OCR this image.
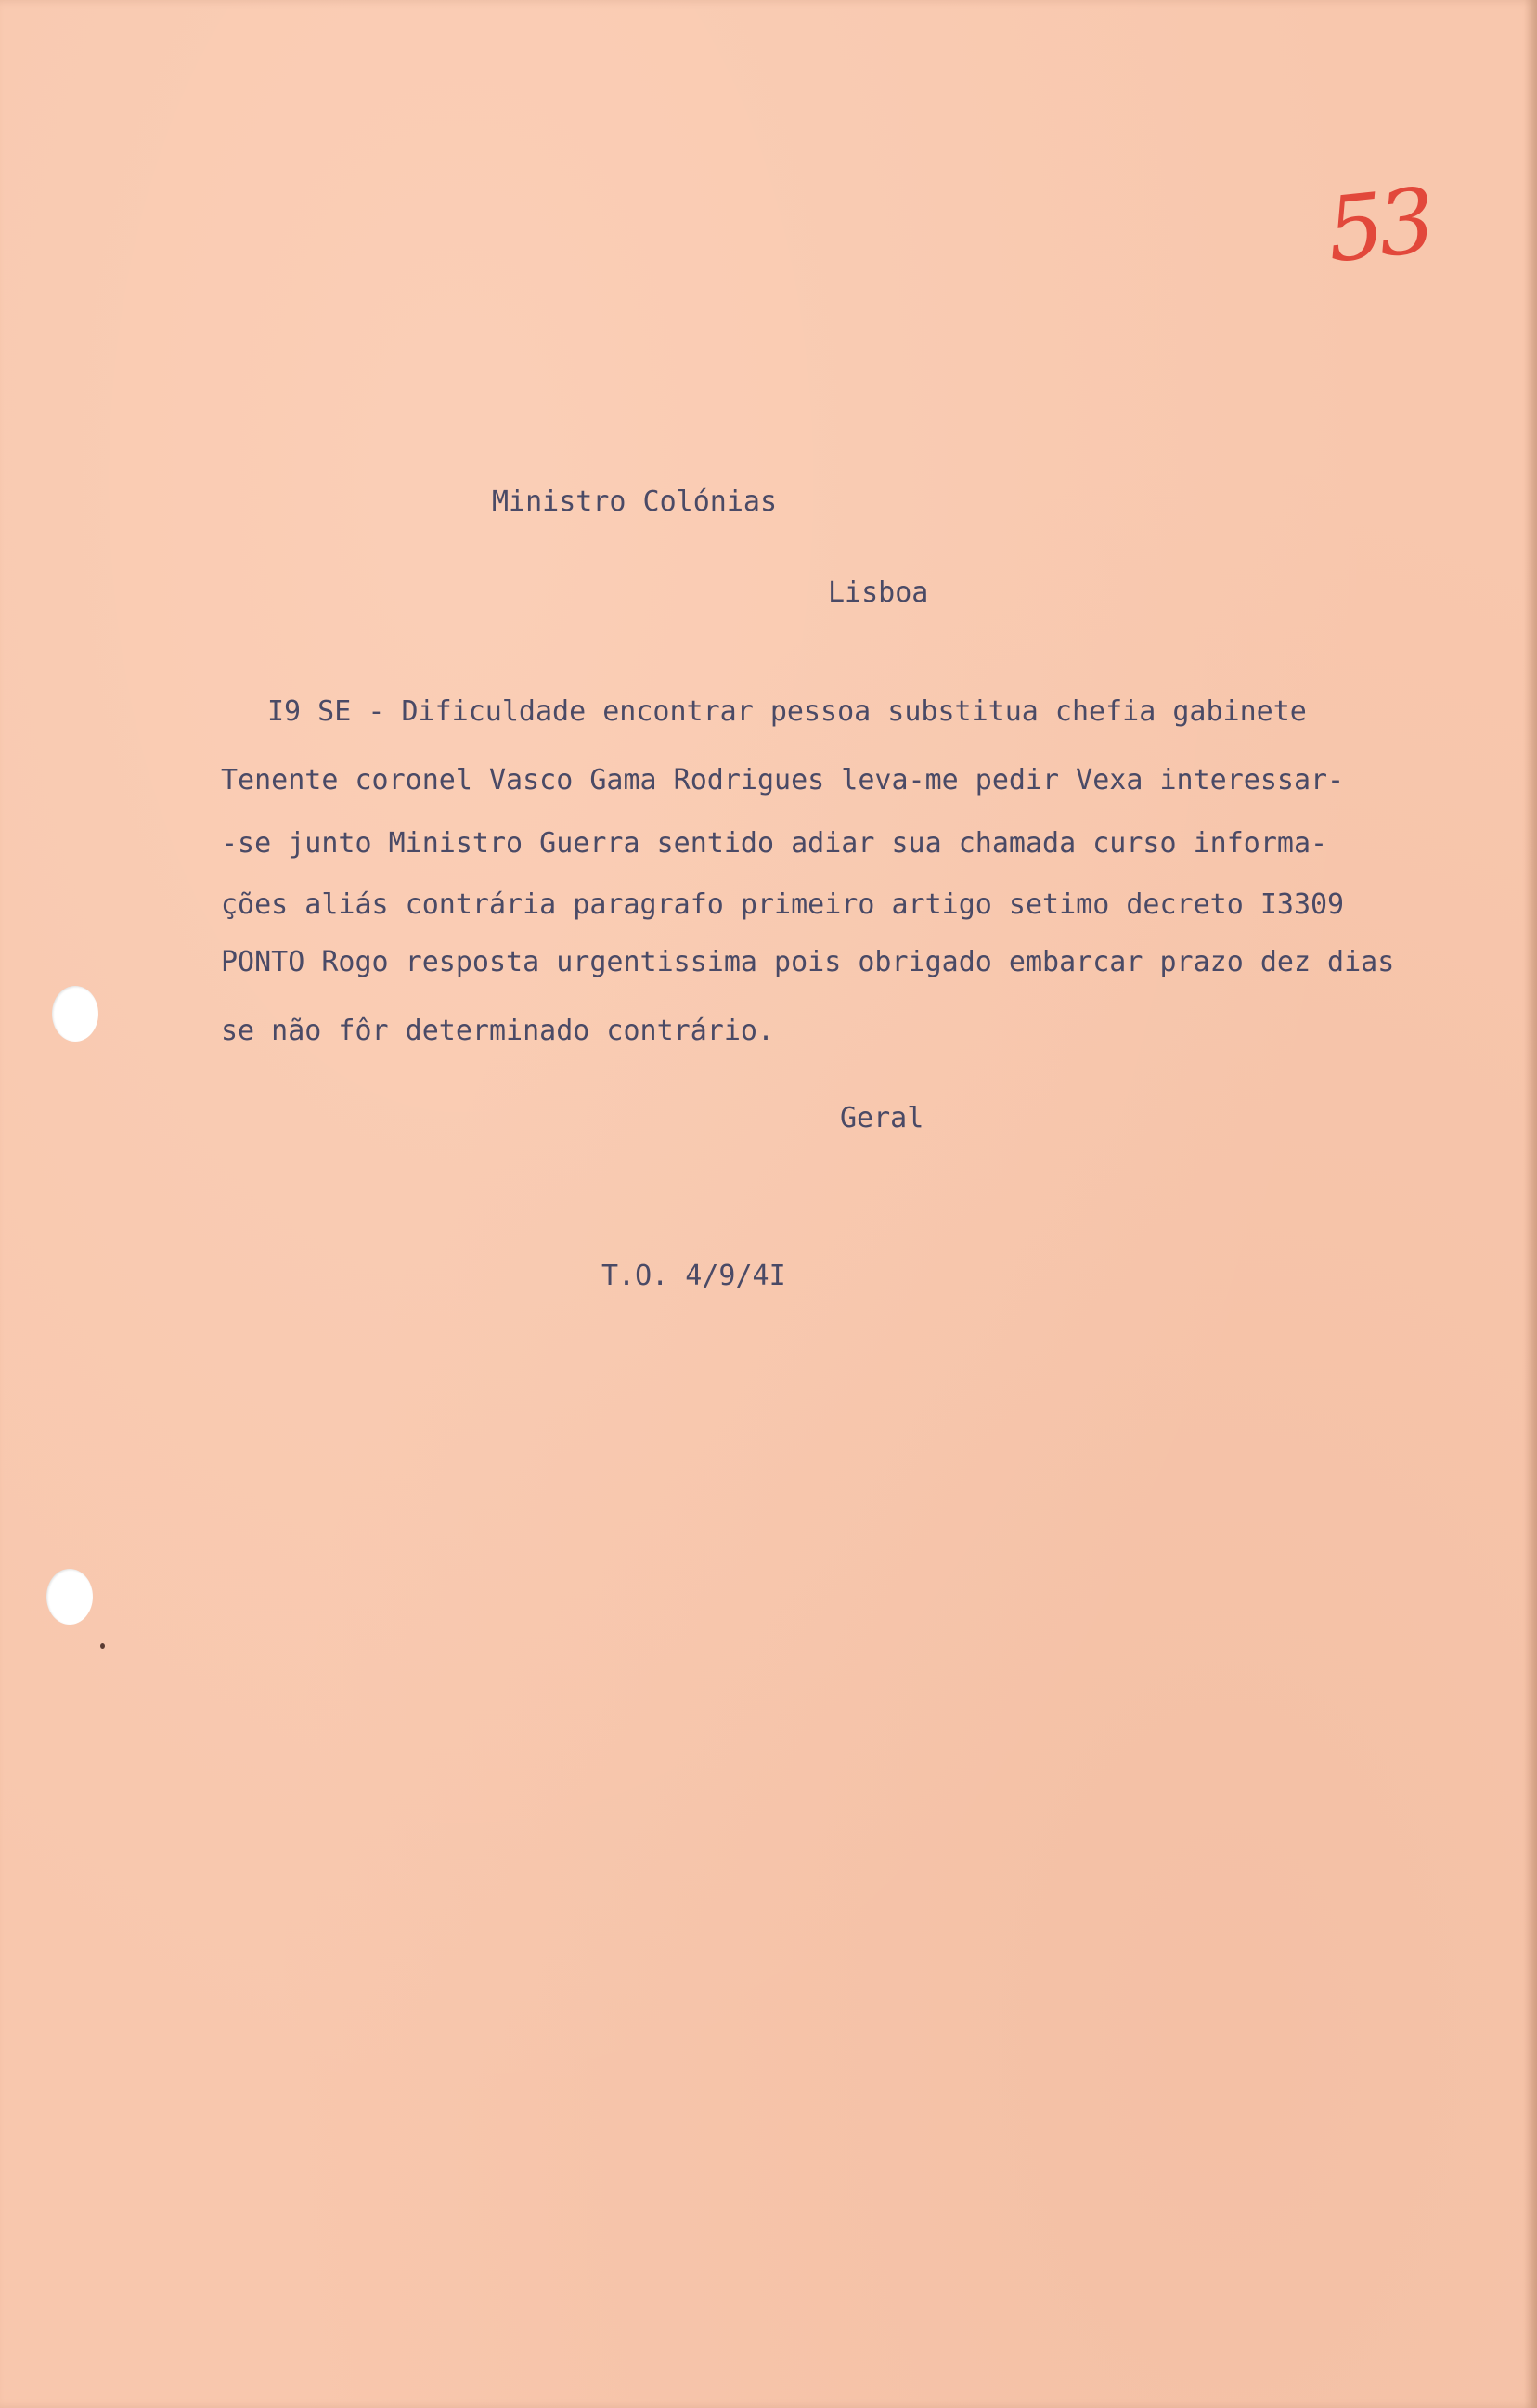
53
Ministro Colónias
Lisboa
I9 SE - Dificuldade encontrar pessoa substitua chefia gabinete
Tenente coronel Vasco Gama Rodrigues leva-me pedir Vexa interessar-
-se junto Ministro Guerra sentido adiar sua chamada curso informa-
ções aliás contrária paragrafo primeiro artigo setimo decreto I3309
PONTO Rogo resposta urgentissima pois obrigado embarcar prazo dez dias
se não fôr determinado contrário.
Geral
T.O. 4/9/4I
